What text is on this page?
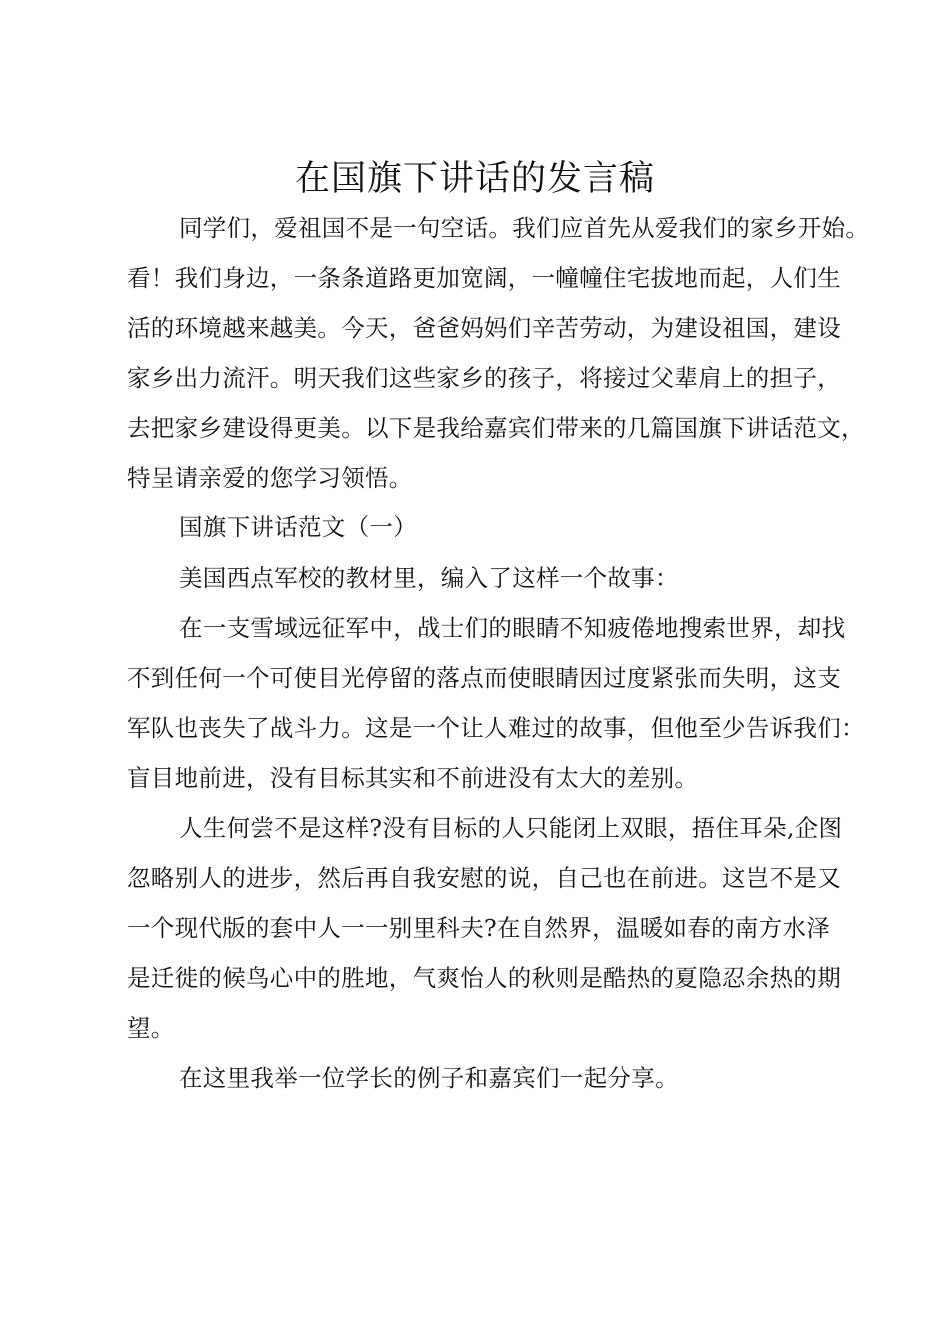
在国旗下讲话的发言稿
同学们，爱祖国不是一句空话。我们应首先从爱我们的家乡开始。
看！我们身边，一条条道路更加宽阔，一幢幢住宅拔地而起，人们生
活的环境越来越美。今天，爸爸妈妈们辛苦劳动，为建设祖国，建设
家乡出力流汗。明天我们这些家乡的孩子，将接过父辈肩上的担子，
去把家乡建设得更美。以下是我给嘉宾们带来的几篇国旗下讲话范文，
特呈请亲爱的您学习领悟。
国旗下讲话范文（一）
美国西点军校的教材里，编入了这样一个故事：
在一支雪域远征军中，战士们的眼睛不知疲倦地搜索世界，却找
不到任何一个可使目光停留的落点而使眼睛因过度紧张而失明，这支
军队也丧失了战斗力。这是一个让人难过的故事，但他至少告诉我们：
盲目地前进，没有目标其实和不前进没有太大的差别。
人生何尝不是这样?没有目标的人只能闭上双眼，捂住耳朵,企图
忽略别人的进步，然后再自我安慰的说，自己也在前进。这岂不是又
一个现代版的套中人一一别里科夫?在自然界，温暖如春的南方水泽
是迁徙的候鸟心中的胜地，气爽怡人的秋则是酷热的夏隐忍余热的期
望。
在这里我举一位学长的例子和嘉宾们一起分享。
